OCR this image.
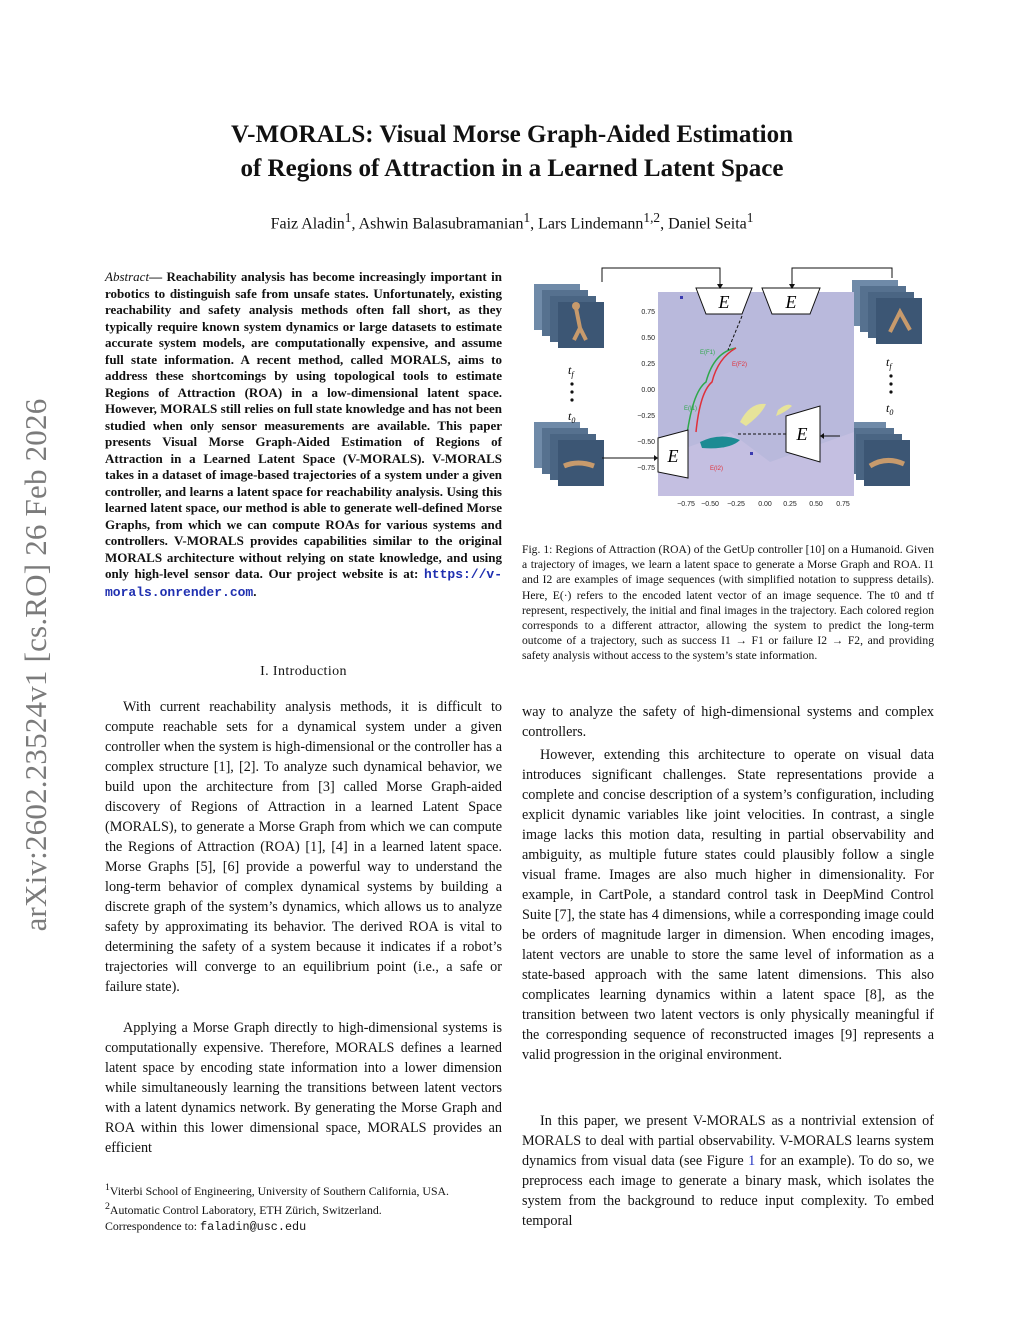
V-MORALS: Visual Morse Graph-Aided Estimation
of Regions of Attraction in a Learned Latent Space
Faiz Aladin$^1$, Ashwin Balasubramanian$^1$, Lars Lindemann$^{1,2}$, Daniel Seita$^1$
arXiv:2602.23524v1 [cs.RO] 26 Feb 2026
Abstract— Reachability analysis has become increasingly important in robotics to distinguish safe from unsafe states. Unfortunately, existing reachability and safety analysis methods often fall short, as they typically require known system dynamics or large datasets to estimate accurate system models, are computationally expensive, and assume full state information. A recent method, called MORALS, aims to address these shortcomings by using topological tools to estimate Regions of Attraction (ROA) in a low-dimensional latent space. However, MORALS still relies on full state knowledge and has not been studied when only sensor measurements are available. This paper presents Visual Morse Graph-Aided Estimation of Regions of Attraction in a Learned Latent Space (V-MORALS). V-MORALS takes in a dataset of image-based trajectories of a system under a given controller, and learns a latent space for reachability analysis. Using this learned latent space, our method is able to generate well-defined Morse Graphs, from which we can compute ROAs for various systems and controllers. V-MORALS provides capabilities similar to the original MORALS architecture without relying on state knowledge, and using only high-level sensor data. Our project website is at: https://v-morals.onrender.com.
I. Introduction

With current reachability analysis methods, it is difficult to compute reachable sets for a dynamical system under a given controller when the system is high-dimensional or the controller has a complex structure [1], [2]. To analyze such dynamical behavior, we build upon the architecture from [3] called Morse Graph-aided discovery of Regions of Attraction in a learned Latent Space (MORALS), to generate a Morse Graph from which we can compute the Regions of Attraction (ROA) [1], [4] in a learned latent space. Morse Graphs [5], [6] provide a powerful way to understand the long-term behavior of complex dynamical systems by building a discrete graph of the system’s dynamics, which allows us to analyze safety by approximating its behavior. The derived ROA is vital to determining the safety of a system because it indicates if a robot’s trajectories will converge to an equilibrium point (i.e., a safe or failure state).

Applying a Morse Graph directly to high-dimensional systems is computationally expensive. Therefore, MORALS defines a learned latent space by encoding state information into a lower dimension while simultaneously learning the transitions between latent vectors with a latent dynamics network. By generating the Morse Graph and ROA within this lower dimensional space, MORALS provides an efficient

$^1$Viterbi School of Engineering, University of Southern California, USA.
$^2$Automatic Control Laboratory, ETH Zürich, Switzerland.
Correspondence to: faladin@usc.edu
$t_f$
$t_0$
$t_f$
$t_0$
E(F1)
E(F2)
E(I1)
E(I2)
0.75
0.50
0.25
0.00
−0.25
−0.50
−0.75
−0.75 −0.50 −0.25 0.00 0.25 0.50 0.75
E	E
E
E
Fig. 1: Regions of Attraction (ROA) of the GetUp controller [10] on a Humanoid. Given a trajectory of images, we learn a latent space to generate a Morse Graph and ROA. I1 and I2 are examples of image sequences (with simplified notation to suppress details). Here, E(·) refers to the encoded latent vector of an image sequence. The t0 and tf represent, respectively, the initial and final images in the trajectory. Each colored region corresponds to a different attractor, allowing the system to predict the long-term outcome of a trajectory, such as success I1 → F1 or failure I2 → F2, and providing safety analysis without access to the system’s state information.

way to analyze the safety of high-dimensional systems and complex controllers.

However, extending this architecture to operate on visual data introduces significant challenges. State representations provide a complete and concise description of a system’s configuration, including explicit dynamic variables like joint velocities. In contrast, a single image lacks this motion data, resulting in partial observability and ambiguity, as multiple future states could plausibly follow a single visual frame. Images are also much higher in dimensionality. For example, in CartPole, a standard control task in DeepMind Control Suite [7], the state has 4 dimensions, while a corresponding image could be orders of magnitude larger in dimension. When encoding images, latent vectors are unable to store the same level of information as a state-based approach with the same latent dimensions. This also complicates learning dynamics within a latent space [8], as the transition between two latent vectors is only physically meaningful if the corresponding sequence of reconstructed images [9] represents a valid progression in the original environment.

In this paper, we present V-MORALS as a nontrivial extension of MORALS to deal with partial observability. V-MORALS learns system dynamics from visual data (see Figure 1 for an example). To do so, we preprocess each image to generate a binary mask, which isolates the system from the background to reduce input complexity. To embed temporal
